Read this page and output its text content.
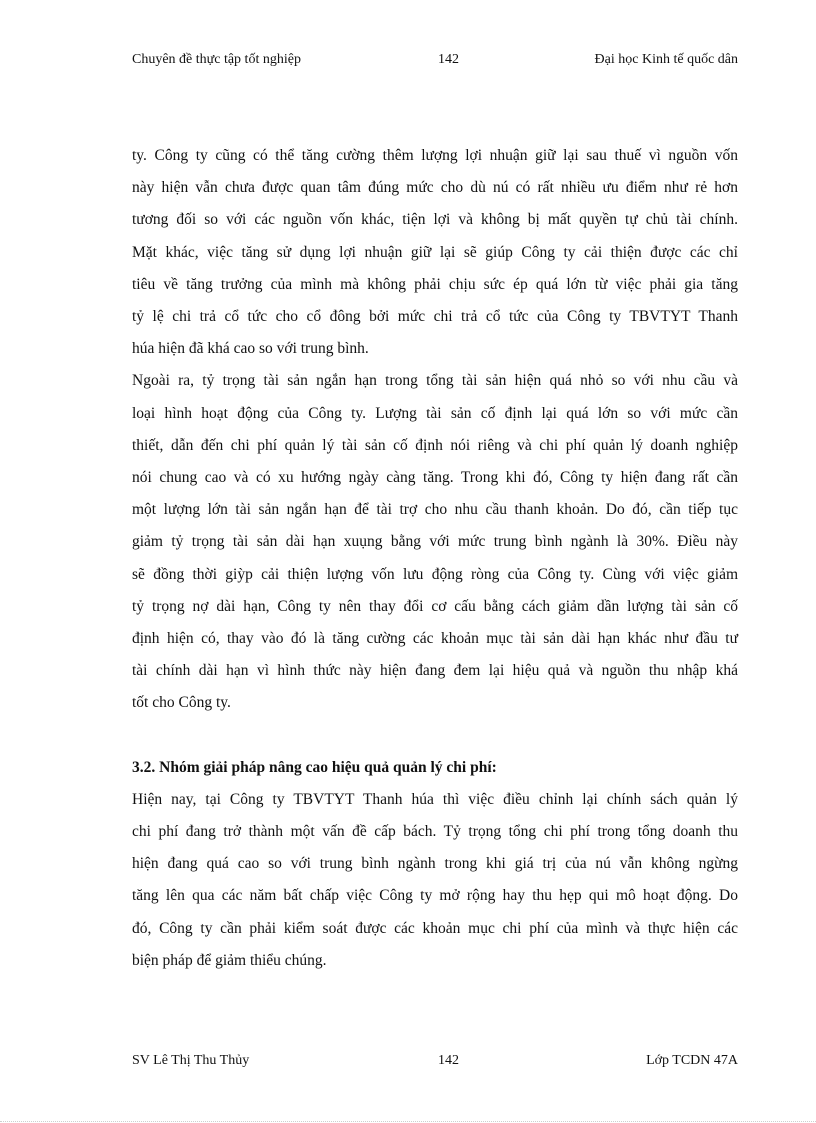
Chuyên đề thực tập tốt nghiệp	142	Đại học Kinh tế quốc dân

ty. Công ty cũng có thể tăng cường thêm lượng lợi nhuận giữ lại sau thuế vì nguồn vốn
này hiện vẫn chưa được quan tâm đúng mức cho dù nú có rất nhiều ưu điểm như rẻ hơn
tương đối so với các nguồn vốn khác, tiện lợi và không bị mất quyền tự chủ tài chính.
Mặt khác, việc tăng sử dụng lợi nhuận giữ lại sẽ giúp Công ty cải thiện được các chỉ
tiêu về tăng trưởng của mình mà không phải chịu sức ép quá lớn từ việc phải gia tăng
tỷ lệ chi trả cổ tức cho cổ đông bởi mức chi trả cổ tức của Công ty TBVTYT Thanh
húa hiện đã khá cao so với trung bình.

Ngoài ra, tỷ trọng tài sản ngắn hạn trong tổng tài sản hiện quá nhỏ so với nhu cầu và
loại hình hoạt động của Công ty. Lượng tài sản cố định lại quá lớn so với mức cần
thiết, dẫn đến chi phí quản lý tài sản cố định nói riêng và chi phí quản lý doanh nghiệp
nói chung cao và có xu hướng ngày càng tăng. Trong khi đó, Công ty hiện đang rất cần
một lượng lớn tài sản ngắn hạn để tài trợ cho nhu cầu thanh khoản. Do đó, cần tiếp tục
giảm tỷ trọng tài sản dài hạn xuụng bằng với mức trung bình ngành là 30%. Điều này
sẽ đồng thời giỳp cải thiện lượng vốn lưu động ròng của Công ty. Cùng với việc giảm
tỷ trọng nợ dài hạn, Công ty nên thay đổi cơ cấu bằng cách giảm dần lượng tài sản cố
định hiện có, thay vào đó là tăng cường các khoản mục tài sản dài hạn khác như đầu tư
tài chính dài hạn vì hình thức này hiện đang đem lại hiệu quả và nguồn thu nhập khá
tốt cho Công ty.

3.2. Nhóm giải pháp nâng cao hiệu quả quản lý chi phí:

Hiện nay, tại Công ty TBVTYT Thanh húa thì việc điều chỉnh lại chính sách quản lý
chi phí đang trở thành một vấn đề cấp bách. Tỷ trọng tổng chi phí trong tổng doanh thu
hiện đang quá cao so với trung bình ngành trong khi giá trị của nú vẫn không ngừng
tăng lên qua các năm bất chấp việc Công ty mở rộng hay thu hẹp qui mô hoạt động. Do
đó, Công ty cần phải kiểm soát được các khoản mục chi phí của mình và thực hiện các
biện pháp để giảm thiểu chúng.

SV Lê Thị Thu Thủy	142	Lớp TCDN 47A
